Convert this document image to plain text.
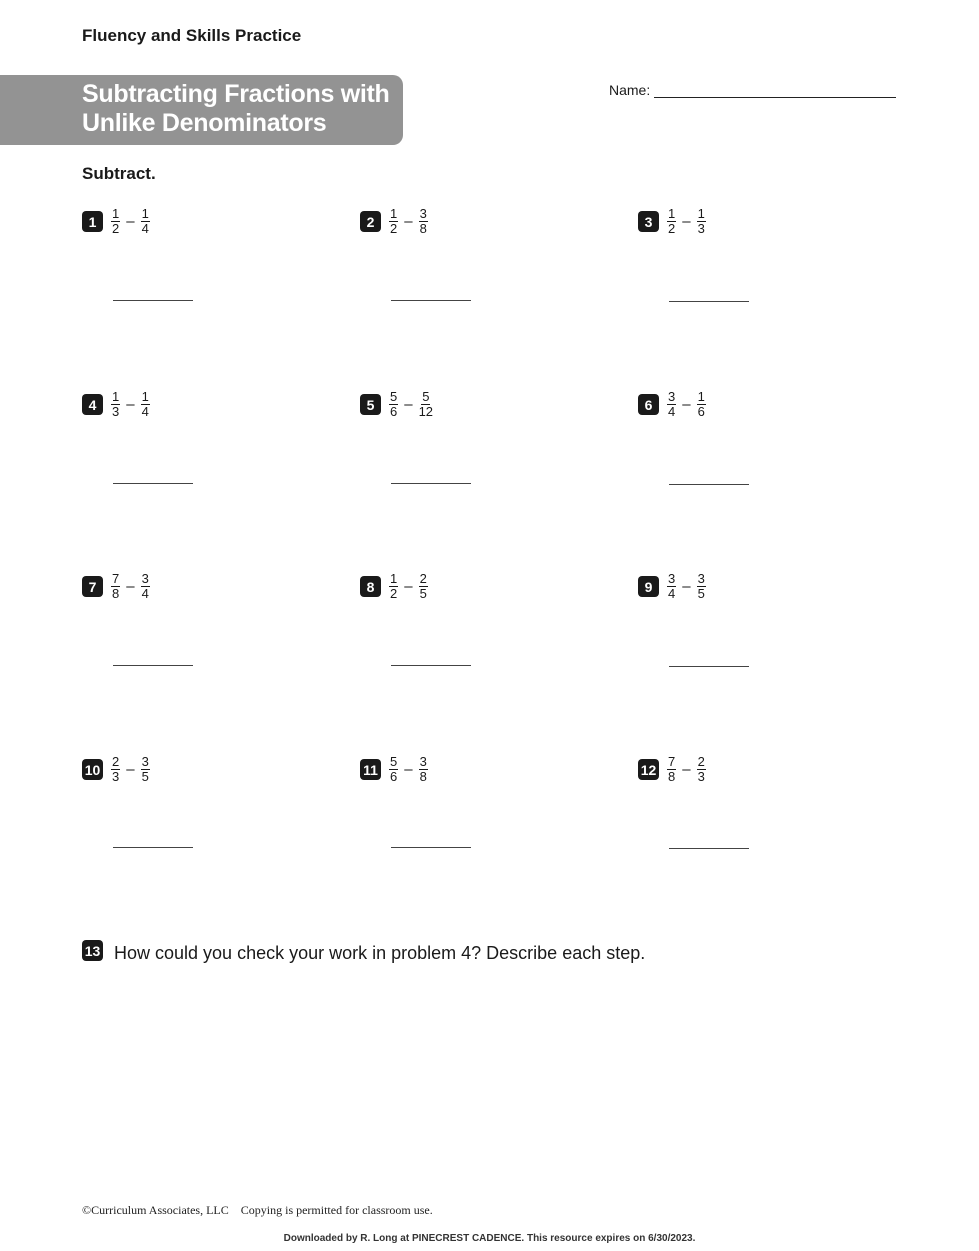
Fluency and Skills Practice
Subtracting Fractions with
Unlike Denominators
Name:

Subtract.

1	$\frac{1}{2} - \frac{1}{4}$	2	$\frac{1}{2} - \frac{3}{8}$	3	$\frac{1}{2} - \frac{1}{3}$
4	$\frac{1}{3} - \frac{1}{4}$	5	$\frac{5}{6} - \frac{5}{12}$	6	$\frac{3}{4} - \frac{1}{6}$
7	$\frac{7}{8} - \frac{3}{4}$	8	$\frac{1}{2} - \frac{2}{5}$	9	$\frac{3}{4} - \frac{3}{5}$
$10 \frac{2}{3} - \frac{3}{5}$	$11 \frac{5}{6} - \frac{3}{8}$	$12 \frac{7}{8} - \frac{2}{3}$
13 How could you check your work in problem 4? Describe each step.
©Curriculum Associates, LLC Copying is permitted for classroom use.
Downloaded by R. Long at PINECREST CADENCE. This resource expires on 6/30/2023.
